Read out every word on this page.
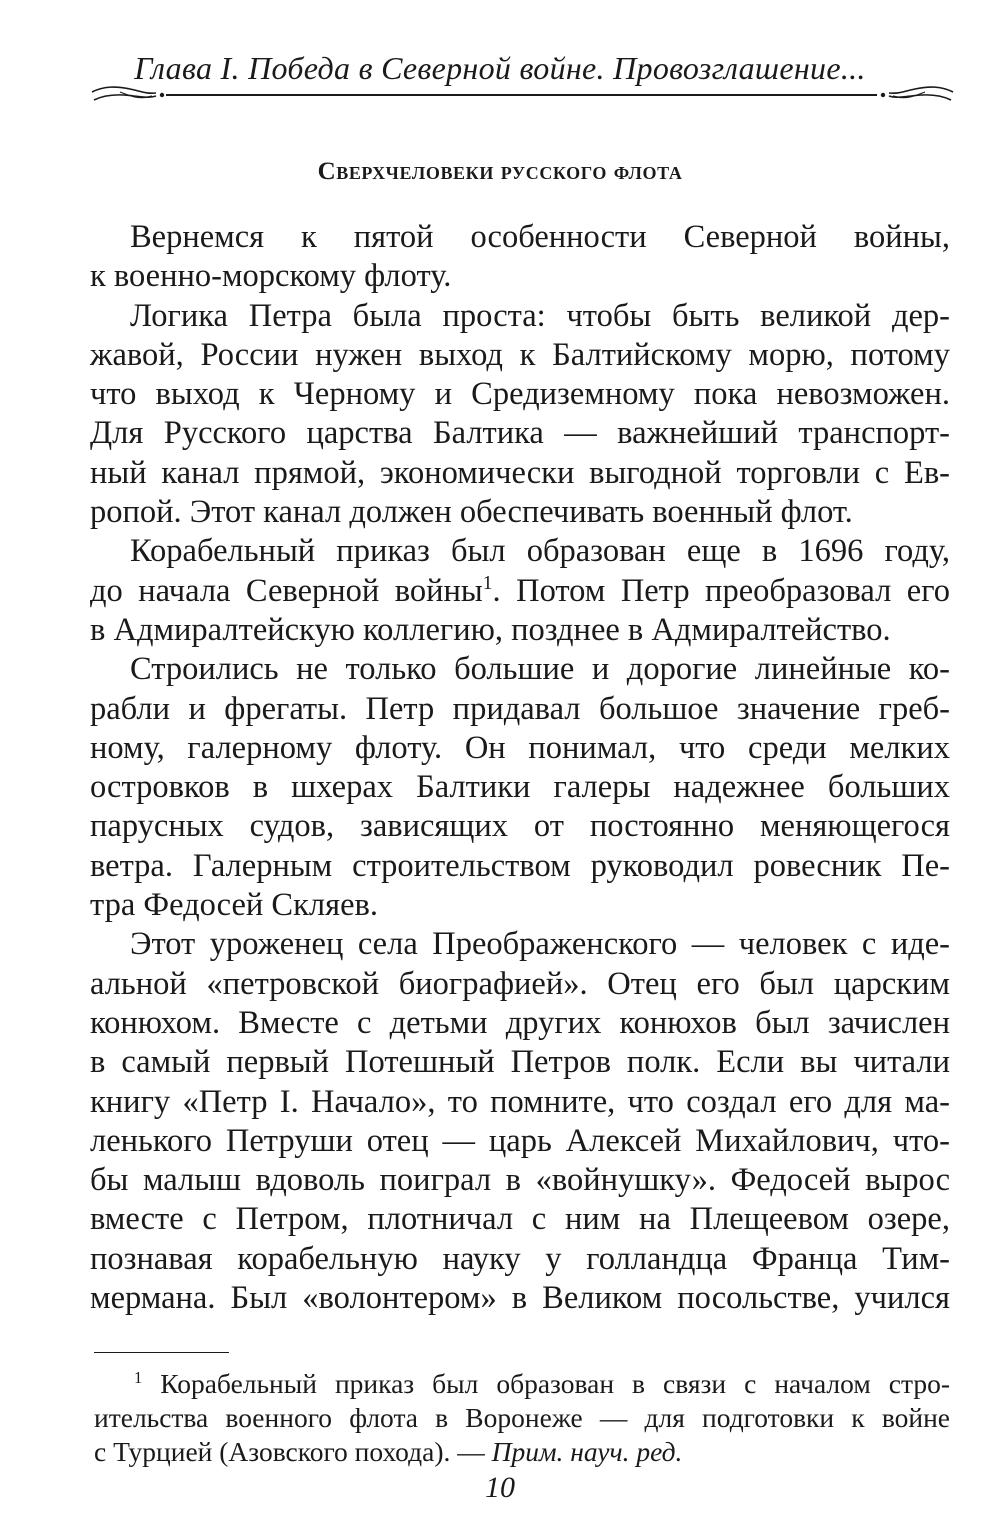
Глава I. Победа в Северной войне. Провозглашение...
Сверхчеловеки русского флота
Вернемся к пятой особенности Северной войны,
к военно-морскому флоту.
Логика Петра была проста: чтобы быть великой дер-
жавой, России нужен выход к Балтийскому морю, потому
что выход к Черному и Средиземному пока невозможен.
Для Русского царства Балтика — важнейший транспорт-
ный канал прямой, экономически выгодной торговли с Ев-
ропой. Этот канал должен обеспечивать военный флот.
Корабельный приказ был образован еще в 1696 году,
до начала Северной войны$^1$. Потом Петр преобразовал его
в Адмиралтейскую коллегию, позднее в Адмиралтейство.
Строились не только большие и дорогие линейные ко-
рабли и фрегаты. Петр придавал большое значение греб-
ному, галерному флоту. Он понимал, что среди мелких
островков в шхерах Балтики галеры надежнее больших
парусных судов, зависящих от постоянно меняющегося
ветра. Галерным строительством руководил ровесник Пе-
тра Федосей Скляев.
Этот уроженец села Преображенского — человек с иде-
альной «петровской биографией». Отец его был царским
конюхом. Вместе с детьми других конюхов был зачислен
в самый первый Потешный Петров полк. Если вы читали
книгу «Петр I. Начало», то помните, что создал его для ма-
ленького Петруши отец — царь Алексей Михайлович, что-
бы малыш вдоволь поиграл в «войнушку». Федосей вырос
вместе с Петром, плотничал с ним на Плещеевом озере,
познавая корабельную науку у голландца Франца Тим-
мермана. Был «волонтером» в Великом посольстве, учился
$^1$ Корабельный приказ был образован в связи с началом стро-
ительства военного флота в Воронеже — для подготовки к войне
с Турцией (Азовского похода). — Прим. науч. ред.
10
